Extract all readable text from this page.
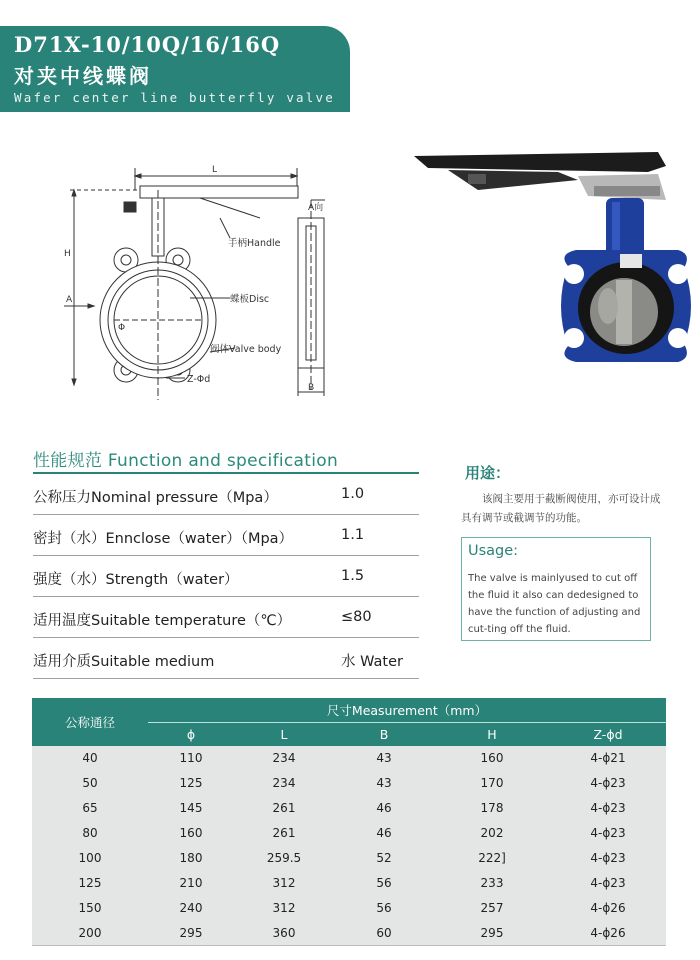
D71X-10/10Q/16/16Q
对夹中线蝶阀
Wafer center line butterfly valve
L
H
A
A向
B
Φ
手柄Handle
蝶板Disc
阀体Valve body
Z-Φd
性能规范 Function and specification
公称压力Nominal pressure（Mpa）	1.0
密封（水）Ennclose（water）（Mpa）	1.1
强度（水）Strength（water）	1.5
适用温度Suitable temperature（℃）	≤80
适用介质Suitable medium	水 Water
用途：
该阀主要用于截断阀使用，亦可设计成具有调节或截调节的功能。
Usage:
The valve is mainlyused to cut off the fluid it also can dedesigned to have the function of adjusting and cut-ting off the fluid.
公称通径
尺寸Measurement（mm）
ϕ	L	B	H	Z-ϕd
40	110	234	43	160	4-ϕ21
50	125	234	43	170	4-ϕ23
65	145	261	46	178	4-ϕ23
80	160	261	46	202	4-ϕ23
100	180	259.5	52	222]	4-ϕ23
125	210	312	56	233	4-ϕ23
150	240	312	56	257	4-ϕ26
200	295	360	60	295	4-ϕ26
